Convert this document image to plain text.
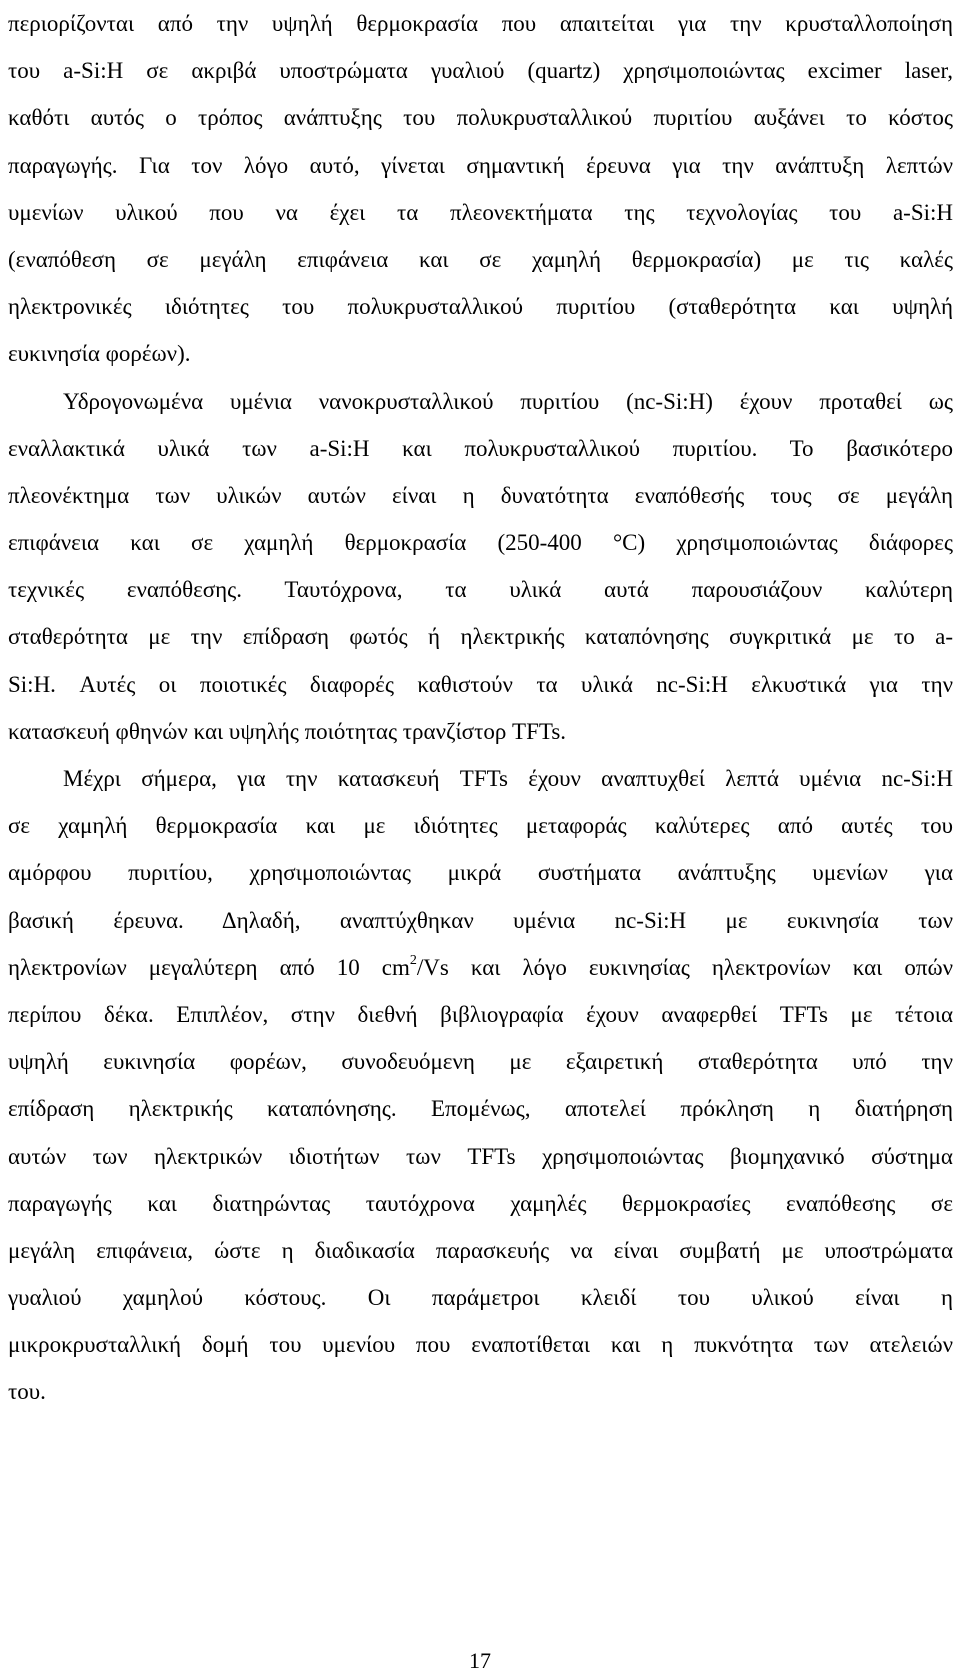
περιορίζονται από την υψηλή θερμοκρασία που απαιτείται για την κρυσταλλοποίηση
του a-Si:H σε ακριβά υποστρώματα γυαλιού (quartz) χρησιμοποιώντας excimer laser,
καθότι αυτός ο τρόπος ανάπτυξης του πολυκρυσταλλικού πυριτίου αυξάνει το κόστος
παραγωγής. Για τον λόγο αυτό, γίνεται σημαντική έρευνα για την ανάπτυξη λεπτών
υμενίων υλικού που να έχει τα πλεονεκτήματα της τεχνολογίας του a-Si:H
(εναπόθεση σε μεγάλη επιφάνεια και σε χαμηλή θερμοκρασία) με τις καλές
ηλεκτρονικές ιδιότητες του πολυκρυσταλλικού πυριτίου (σταθερότητα και υψηλή
ευκινησία φορέων).
Υδρογονωμένα υμένια νανοκρυσταλλικού πυριτίου (nc-Si:H) έχουν προταθεί ως
εναλλακτικά υλικά των a-Si:H και πολυκρυσταλλικού πυριτίου. Το βασικότερο
πλεονέκτημα των υλικών αυτών είναι η δυνατότητα εναπόθεσής τους σε μεγάλη
επιφάνεια και σε χαμηλή θερμοκρασία (250-400 °C) χρησιμοποιώντας διάφορες
τεχνικές εναπόθεσης. Ταυτόχρονα, τα υλικά αυτά παρουσιάζουν καλύτερη
σταθερότητα με την επίδραση φωτός ή ηλεκτρικής καταπόνησης συγκριτικά με το a-
Si:H. Αυτές οι ποιοτικές διαφορές καθιστούν τα υλικά nc-Si:H ελκυστικά για την
κατασκευή φθηνών και υψηλής ποιότητας τρανζίστορ TFTs.
Μέχρι σήμερα, για την κατασκευή TFTs έχουν αναπτυχθεί λεπτά υμένια nc-Si:H
σε χαμηλή θερμοκρασία και με ιδιότητες μεταφοράς καλύτερες από αυτές του
αμόρφου πυριτίου, χρησιμοποιώντας μικρά συστήματα ανάπτυξης υμενίων για
βασική έρευνα. Δηλαδή, αναπτύχθηκαν υμένια nc-Si:H με ευκινησία των
ηλεκτρονίων μεγαλύτερη από 10 $cm^2/Vs$ και λόγο ευκινησίας ηλεκτρονίων και οπών
περίπου δέκα. Επιπλέον, στην διεθνή βιβλιογραφία έχουν αναφερθεί TFTs με τέτοια
υψηλή ευκινησία φορέων, συνοδευόμενη με εξαιρετική σταθερότητα υπό την
επίδραση ηλεκτρικής καταπόνησης. Επομένως, αποτελεί πρόκληση η διατήρηση
αυτών των ηλεκτρικών ιδιοτήτων των TFTs χρησιμοποιώντας βιομηχανικό σύστημα
παραγωγής και διατηρώντας ταυτόχρονα χαμηλές θερμοκρασίες εναπόθεσης σε
μεγάλη επιφάνεια, ώστε η διαδικασία παρασκευής να είναι συμβατή με υποστρώματα
γυαλιού χαμηλού κόστους. Οι παράμετροι κλειδί του υλικού είναι η
μικροκρυσταλλική δομή του υμενίου που εναποτίθεται και η πυκνότητα των ατελειών
του.
17
